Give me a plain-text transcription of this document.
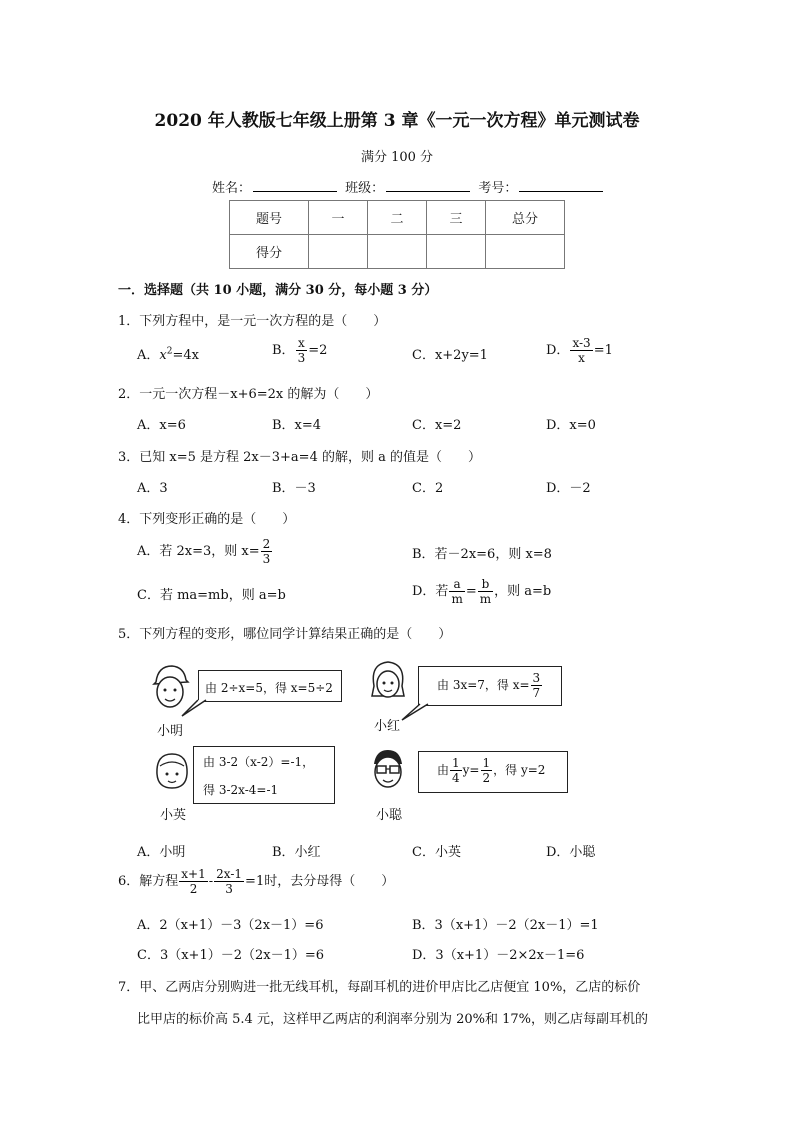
2020 年人教版七年级上册第 3 章《一元一次方程》单元测试卷
满分 100 分
姓名：	班级：	考号：
题号	一	二	三	总分
得分				
一．选择题（共 10 小题，满分 30 分，每小题 3 分）
1．下列方程中，是一元一次方程的是（　　）
A．$x^2=4x$	B． $\frac{x}{3} =2$	C．x+2y=1	D． $\frac{x-3}{x} =1$
2．一元一次方程－x+6=2x 的解为（　　）
A．x=6	B．x=4	C．x=2	D．x=0
3．已知 x=5 是方程 2x－3+a=4 的解，则 a 的值是（　　）
A．3	B．－3	C．2	D．－2
4．下列变形正确的是（　　）
A．若 2x=3，则 $x= \frac{2}{3}$	B．若－2x=6，则 x=8
C．若 ma=mb，则 a=b	D．若 $\frac{a}{m} = \frac{b}{m}$ ，则 a=b
5．下列方程的变形，哪位同学计算结果正确的是（　　）
由 2÷x=5，得 x=5÷2
小明
由 3x=7，得 $x= \frac{3}{7}$
小红
由 3-2（x-2）=-1，
得 3-2x-4=-1
小英
由 $\frac{1}{4} y= \frac{1}{2}$ ，得 y=2
小聪
A．小明	B．小红	C．小英	D．小聪
6．解方程 $\frac{x+1}{2} - \frac{2x-1}{3} =1$时，去分母得（　　）
A．2（x+1）－3（2x－1）=6	B．3（x+1）－2（2x－1）=1
C．3（x+1）－2（2x－1）=6	D．3（x+1）－2×2x－1=6
7．甲、乙两店分别购进一批无线耳机，每副耳机的进价甲店比乙店便宜 10%，乙店的标价
比甲店的标价高 5.4 元，这样甲乙两店的利润率分别为 20%和 17%，则乙店每副耳机的
